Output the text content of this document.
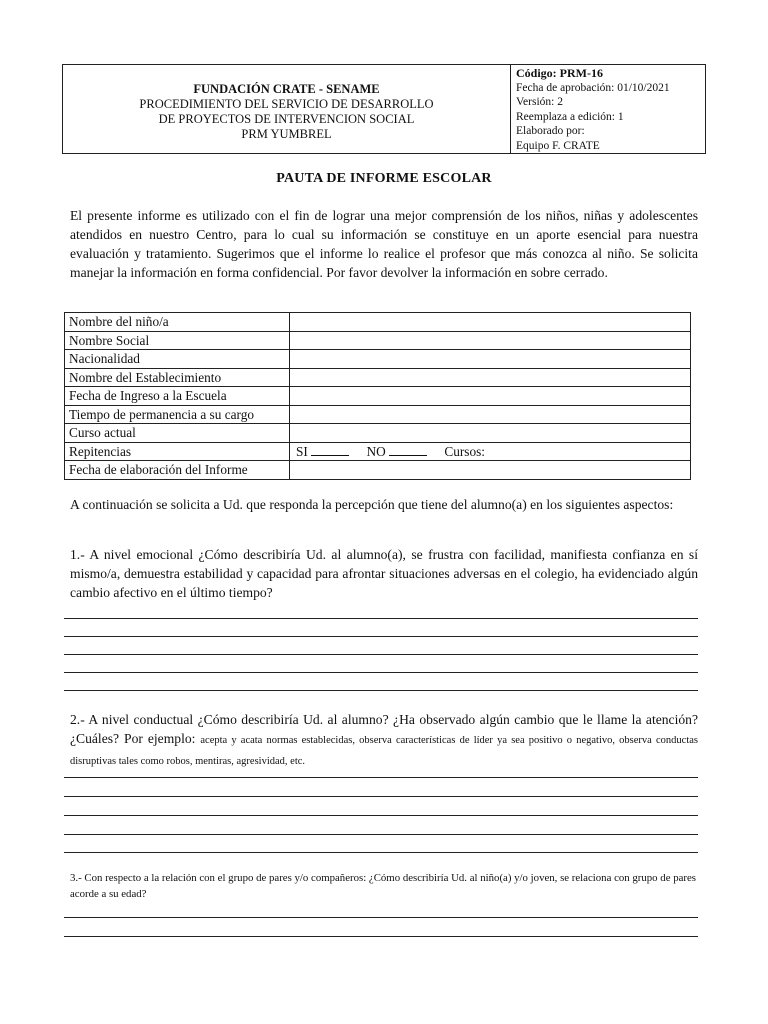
FUNDACIÓN CRATE - SENAME
PROCEDIMIENTO DEL SERVICIO DE DESARROLLO
DE PROYECTOS DE INTERVENCION SOCIAL
PRM YUMBREL
Código: PRM-16
Fecha de aprobación: 01/10/2021
Versión: 2
Reemplaza a edición: 1
Elaborado por:
Equipo F. CRATE
PAUTA DE INFORME ESCOLAR
El presente informe es utilizado con el fin de lograr una mejor comprensión de los niños, niñas y adolescentes atendidos en nuestro Centro, para lo cual su información se constituye en un aporte esencial para nuestra evaluación y tratamiento. Sugerimos que el informe lo realice el profesor que más conozca al niño. Se solicita manejar la información en forma confidencial. Por favor devolver la información en sobre cerrado.
Nombre del niño/a	
Nombre Social	
Nacionalidad	
Nombre del Establecimiento	
Fecha de Ingreso a la Escuela	
Tiempo de permanencia a su cargo	
Curso actual	
Repitencias	SI NO Cursos:
Fecha de elaboración del Informe	
A continuación se solicita a Ud. que responda la percepción que tiene del alumno(a) en los siguientes aspectos:
1.- A nivel emocional ¿Cómo describiría Ud. al alumno(a), se frustra con facilidad, manifiesta confianza en sí mismo/a, demuestra estabilidad y capacidad para afrontar situaciones adversas en el colegio, ha evidenciado algún cambio afectivo en el último tiempo?
2.- A nivel conductual ¿Cómo describiría Ud. al alumno? ¿Ha observado algún cambio que le llame la atención? ¿Cuáles? Por ejemplo: acepta y acata normas establecidas, observa características de líder ya sea positivo o negativo, observa conductas disruptivas tales como robos, mentiras, agresividad, etc.
3.- Con respecto a la relación con el grupo de pares y/o compañeros: ¿Cómo describiría Ud. al niño(a) y/o joven, se relaciona con grupo de pares acorde a su edad?
